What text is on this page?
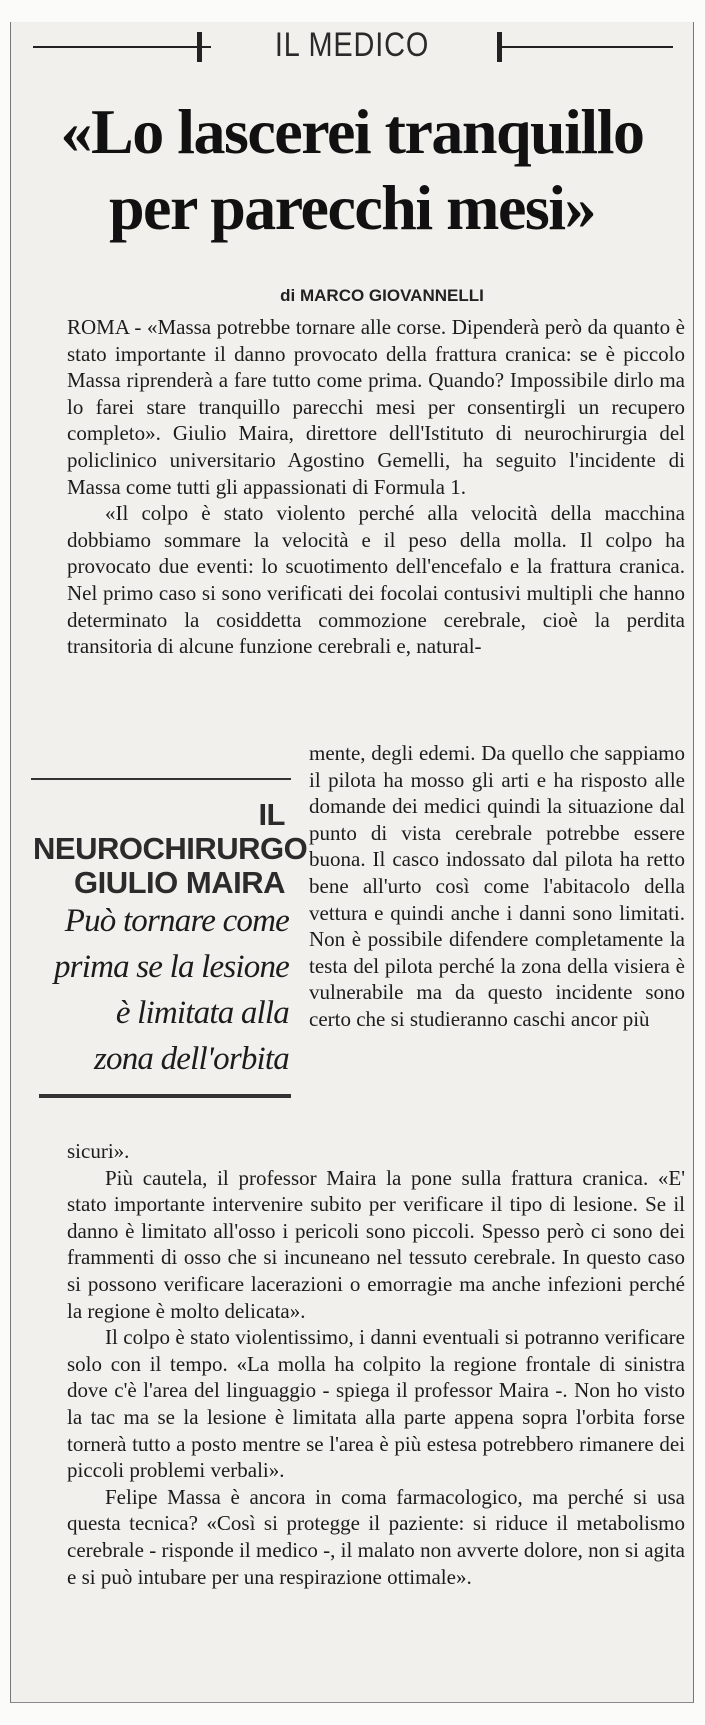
IL MEDICO
«Lo lascerei tranquillo
per parecchi mesi»
di MARCO GIOVANNELLI

ROMA - «Massa potrebbe tornare alle corse. Dipenderà però da quanto è stato importante il danno provocato della frattura cranica: se è piccolo Massa riprenderà a fare tutto come prima. Quando? Impossibile dirlo ma lo farei stare tranquillo parecchi mesi per consentirgli un recupero completo». Giulio Maira, direttore dell'Istituto di neurochirurgia del policlinico universitario Agostino Gemelli, ha seguito l'incidente di Massa come tutti gli appassionati di Formula 1.

«Il colpo è stato violento perché alla velocità della macchina dobbiamo sommare la velocità e il peso della molla. Il colpo ha provocato due eventi: lo scuotimento dell'encefalo e la frattura cranica. Nel primo caso si sono verificati dei focolai contusivi multipli che hanno determinato la cosiddetta commozione cerebrale, cioè la perdita transitoria di alcune funzione cerebrali e, natural-

IL NEUROCHIRURGO
GIULIO MAIRA
Può tornare come
prima se la lesione
è limitata alla
zona dell'orbita

mente, degli edemi. Da quello che sappiamo il pilota ha mosso gli arti e ha risposto alle domande dei medici quindi la situazione dal punto di vista cerebrale potrebbe essere buona. Il casco indossato dal pilota ha retto bene all'urto così come l'abitacolo della vettura e quindi anche i danni sono limitati. Non è possibile difendere completamente la testa del pilota perché la zona della visiera è vulnerabile ma da questo incidente sono certo che si studieranno caschi ancor più

sicuri».

Più cautela, il professor Maira la pone sulla frattura cranica. «E' stato importante intervenire subito per verificare il tipo di lesione. Se il danno è limitato all'osso i pericoli sono piccoli. Spesso però ci sono dei frammenti di osso che si incuneano nel tessuto cerebrale. In questo caso si possono verificare lacerazioni o emorragie ma anche infezioni perché la regione è molto delicata».

Il colpo è stato violentissimo, i danni eventuali si potranno verificare solo con il tempo. «La molla ha colpito la regione frontale di sinistra dove c'è l'area del linguaggio - spiega il professor Maira -. Non ho visto la tac ma se la lesione è limitata alla parte appena sopra l'orbita forse tornerà tutto a posto mentre se l'area è più estesa potrebbero rimanere dei piccoli problemi verbali».

Felipe Massa è ancora in coma farmacologico, ma perché si usa questa tecnica? «Così si protegge il paziente: si riduce il metabolismo cerebrale - risponde il medico -, il malato non avverte dolore, non si agita e si può intubare per una respirazione ottimale».
